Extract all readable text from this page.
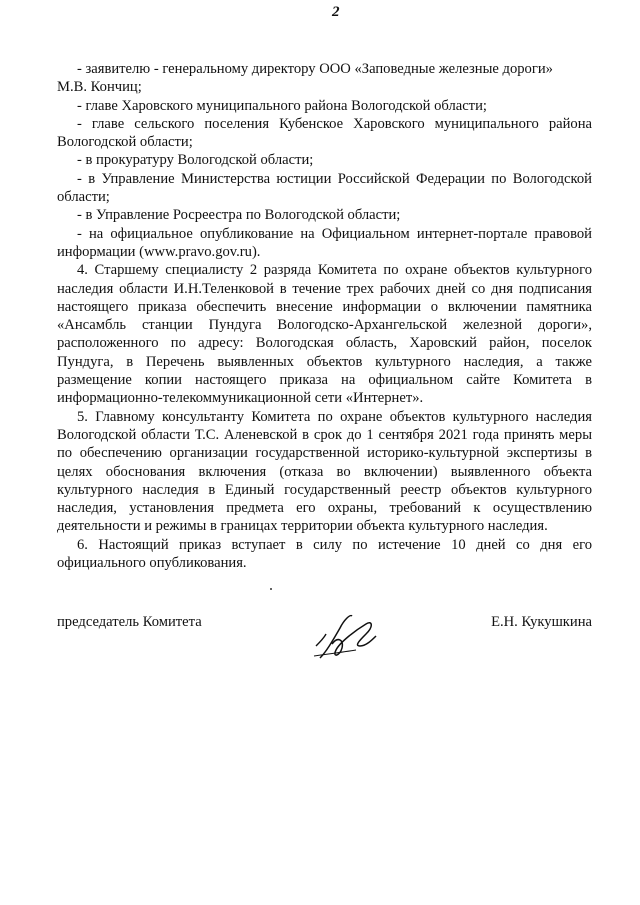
2

- заявителю - генеральному директору ООО «Заповедные железные дороги»

М.В. Кончиц;

- главе Харовского муниципального района Вологодской области;

- главе сельского поселения Кубенское Харовского муниципального района Вологодской области;

- в прокуратуру Вологодской области;

- в Управление Министерства юстиции Российской Федерации по Вологодской области;

- в Управление Росреестра по Вологодской области;

- на официальное опубликование на Официальном интернет-портале правовой информации (www.pravo.gov.ru).

4. Старшему специалисту 2 разряда Комитета по охране объектов культурного наследия области И.Н.Теленковой в течение трех рабочих дней со дня подписания настоящего приказа обеспечить внесение информации о включении памятника «Ансамбль станции Пундуга Вологодско-Архангельской железной дороги», расположенного по адресу: Вологодская область, Харовский район, поселок Пундуга, в Перечень выявленных объектов культурного наследия, а также размещение копии настоящего приказа на официальном сайте Комитета в информационно-телекоммуникационной сети «Интернет».

5. Главному консультанту Комитета по охране объектов культурного наследия Вологодской области Т.С. Аленевской в срок до 1 сентября 2021 года принять меры по обеспечению организации государственной историко-культурной экспертизы в целях обоснования включения (отказа во включении) выявленного объекта культурного наследия в Единый государственный реестр объектов культурного наследия, установления предмета его охраны, требований к осуществлению деятельности и режимы в границах территории объекта культурного наследия.

6. Настоящий приказ вступает в силу по истечение 10 дней со дня его официального опубликования.

председатель Комитета	Е.Н. Кукушкина
